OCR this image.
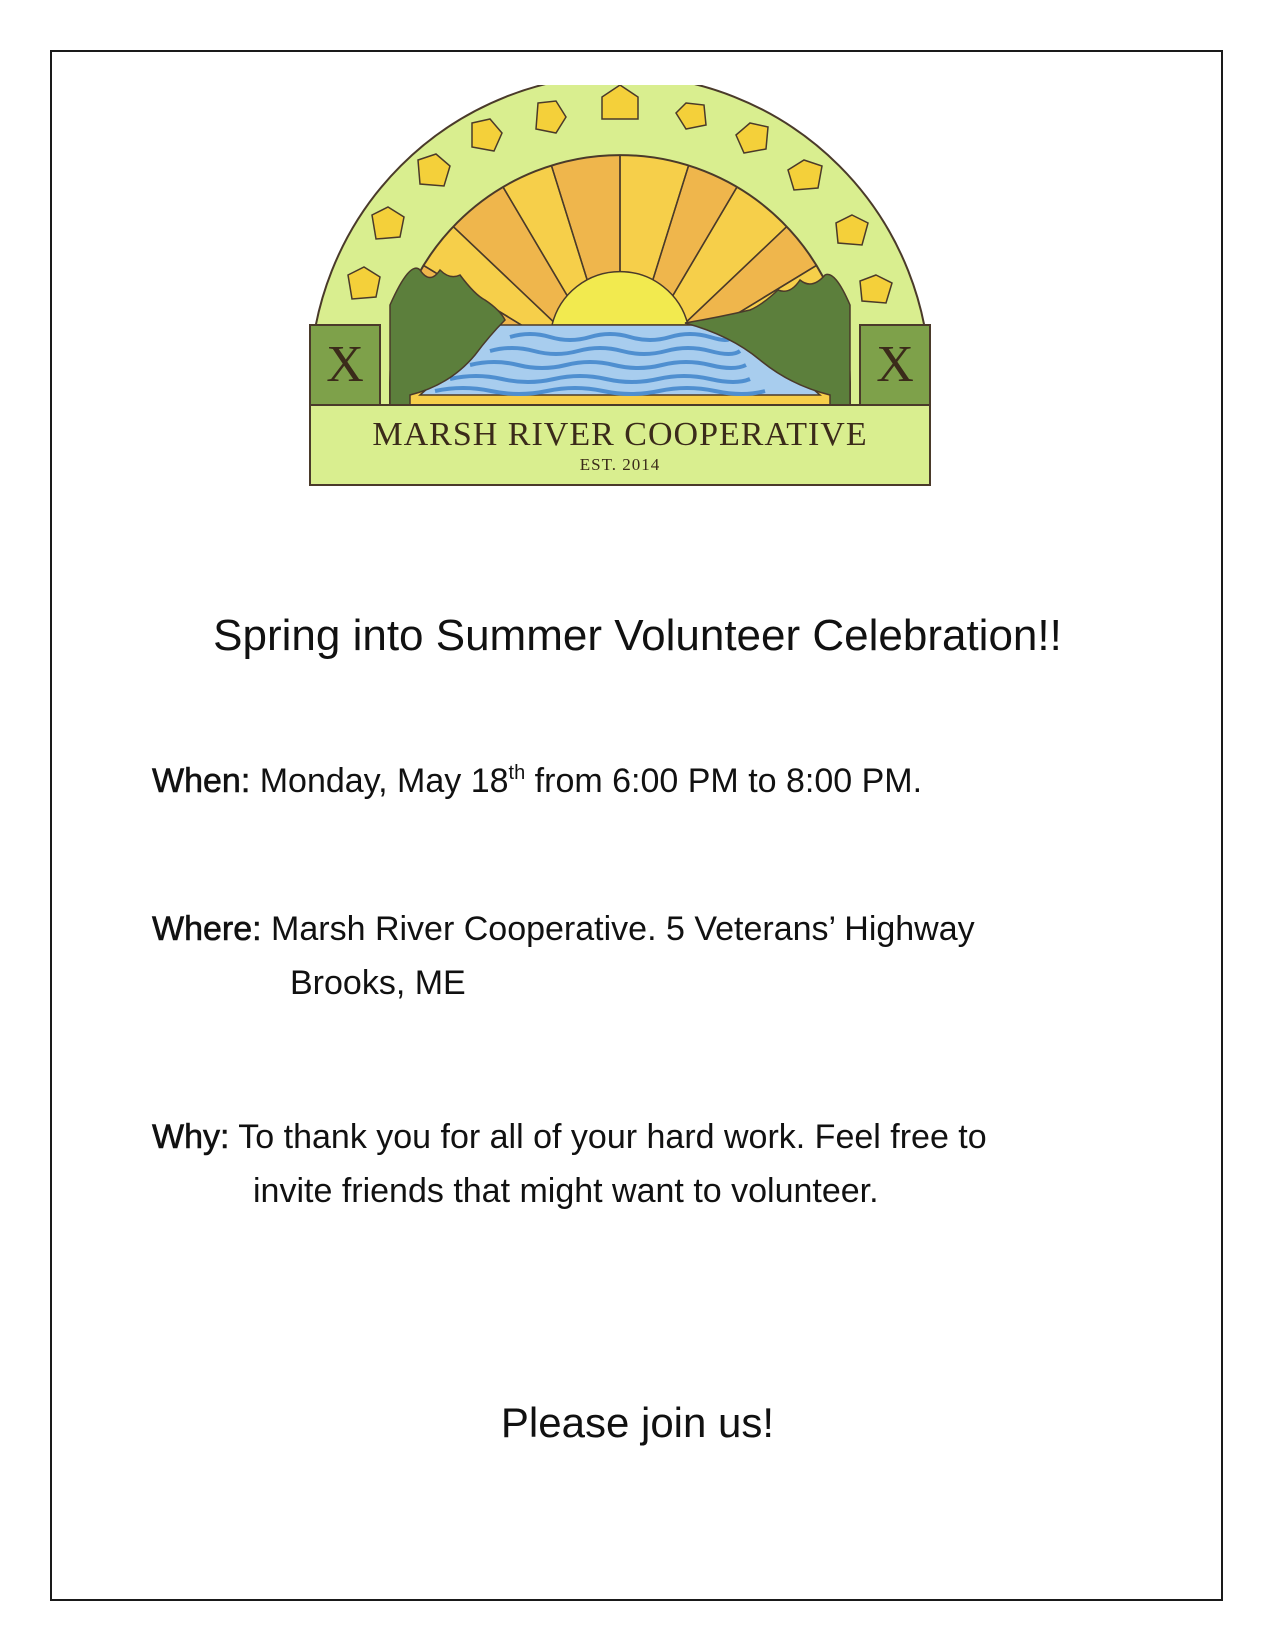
X	X
MARSH RIVER COOPERATIVE
EST. 2014
Spring into Summer Volunteer Celebration!!
When: Monday, May 18th from 6:00 PM to 8:00 PM.
Where: Marsh River Cooperative. 5 Veterans’ Highway
Brooks, ME
Why: To thank you for all of your hard work. Feel free to
invite friends that might want to volunteer.
Please join us!
